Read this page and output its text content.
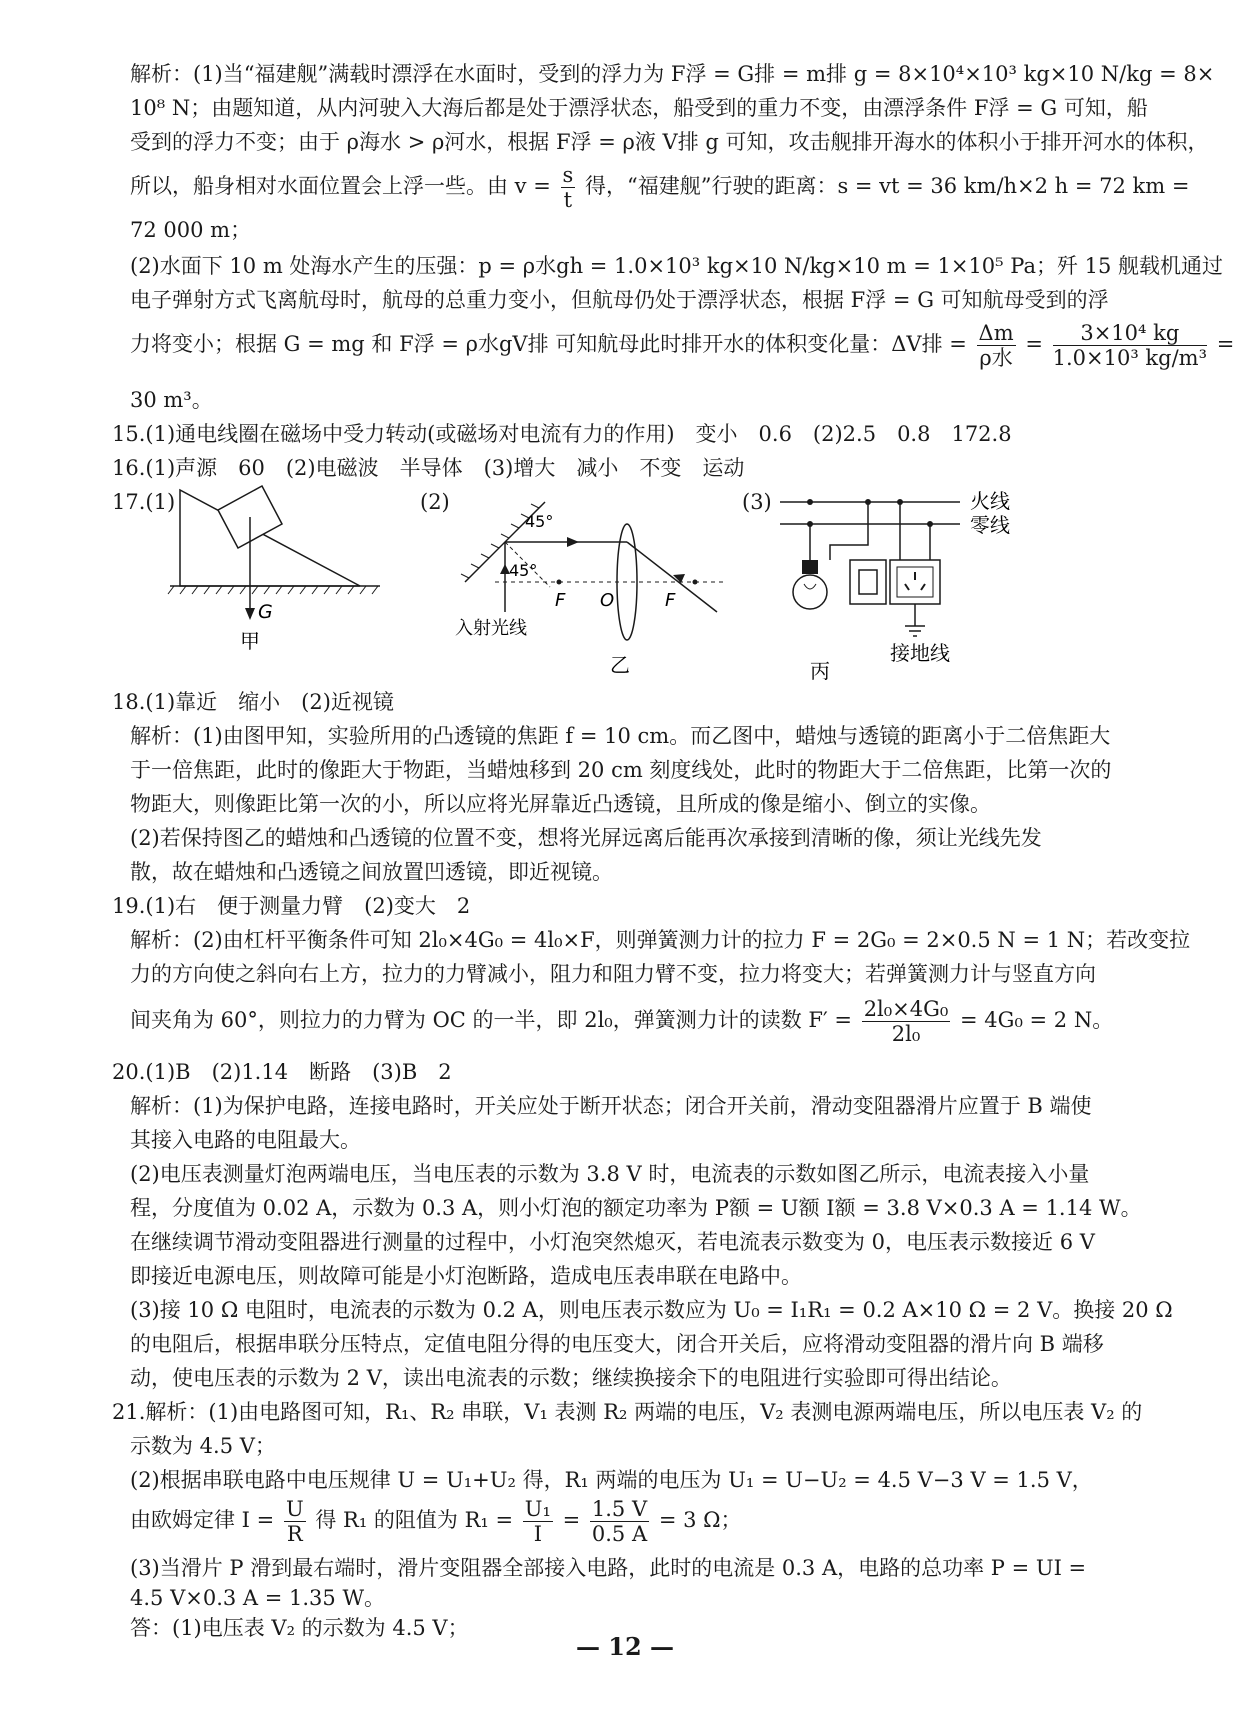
解析：(1)当“福建舰”满载时漂浮在水面时，受到的浮力为 F浮 = G排 = m排 g = 8×10⁴×10³ kg×10 N/kg = 8×
10⁸ N；由题知道，从内河驶入大海后都是处于漂浮状态，船受到的重力不变，由漂浮条件 F浮 = G 可知，船
受到的浮力不变；由于 ρ海水 > ρ河水，根据 F浮 = ρ液 V排 g 可知，攻击舰排开海水的体积小于排开河水的体积，
所以，船身相对水面位置会上浮一些。由 $v = \frac{s}{t}$ 得，“福建舰”行驶的距离：s = vt = 36 km/h×2 h = 72 km =
72 000 m；
(2)水面下 10 m 处海水产生的压强：p = ρ水gh = 1.0×10³ kg×10 N/kg×10 m = 1×10⁵ Pa；歼 15 舰载机通过
电子弹射方式飞离航母时，航母的总重力变小，但航母仍处于漂浮状态，根据 F浮 = G 可知航母受到的浮
力将变小；根据 G = mg 和 F浮 = ρ水gV排 可知航母此时排开水的体积变化量：ΔV排 = $\frac{\Delta m}{\text{ρ水}} = \frac{\text{3×10⁴ kg}}{\text{1.0×10³ kg/m³}}$ =
30 m³。
15.(1)通电线圈在磁场中受力转动(或磁场对电流有力的作用)　变小　0.6　(2)2.5　0.8　172.8
16.(1)声源　60　(2)电磁波　半导体　(3)增大　减小　不变　运动
17.(1)
G
甲
(2)
45°
45°
F O	F
入射光线
乙
(3)	火线
零线
接地线
丙
18.(1)靠近　缩小　(2)近视镜
解析：(1)由图甲知，实验所用的凸透镜的焦距 f = 10 cm。而乙图中，蜡烛与透镜的距离小于二倍焦距大
于一倍焦距，此时的像距大于物距，当蜡烛移到 20 cm 刻度线处，此时的物距大于二倍焦距，比第一次的
物距大，则像距比第一次的小，所以应将光屏靠近凸透镜，且所成的像是缩小、倒立的实像。
(2)若保持图乙的蜡烛和凸透镜的位置不变，想将光屏远离后能再次承接到清晰的像，须让光线先发
散，故在蜡烛和凸透镜之间放置凹透镜，即近视镜。
19.(1)右　便于测量力臂　(2)变大　2
解析：(2)由杠杆平衡条件可知 2l₀×4G₀ = 4l₀×F，则弹簧测力计的拉力 F = 2G₀ = 2×0.5 N = 1 N；若改变拉
力的方向使之斜向右上方，拉力的力臂减小，阻力和阻力臂不变，拉力将变大；若弹簧测力计与竖直方向
间夹角为 60°，则拉力的力臂为 OC 的一半，即 2l₀，弹簧测力计的读数 $F' = \frac{\text{2l₀×4G₀}}{\text{2l₀}} = 4G_0 = 2$ N。
20.(1)B　(2)1.14　断路　(3)B　2
解析：(1)为保护电路，连接电路时，开关应处于断开状态；闭合开关前，滑动变阻器滑片应置于 B 端使
其接入电路的电阻最大。
(2)电压表测量灯泡两端电压，当电压表的示数为 3.8 V 时，电流表的示数如图乙所示，电流表接入小量
程，分度值为 0.02 A，示数为 0.3 A，则小灯泡的额定功率为 P额 = U额 I额 = 3.8 V×0.3 A = 1.14 W。
在继续调节滑动变阻器进行测量的过程中，小灯泡突然熄灭，若电流表示数变为 0，电压表示数接近 6 V
即接近电源电压，则故障可能是小灯泡断路，造成电压表串联在电路中。
(3)接 10 Ω 电阻时，电流表的示数为 0.2 A，则电压表示数应为 U₀ = I₁R₁ = 0.2 A×10 Ω = 2 V。换接 20 Ω
的电阻后，根据串联分压特点，定值电阻分得的电压变大，闭合开关后，应将滑动变阻器的滑片向 B 端移
动，使电压表的示数为 2 V，读出电流表的示数；继续换接余下的电阻进行实验即可得出结论。
21.解析：(1)由电路图可知，R₁、R₂ 串联，V₁ 表测 R₂ 两端的电压，V₂ 表测电源两端电压，所以电压表 V₂ 的
示数为 4.5 V；
(2)根据串联电路中电压规律 U = U₁+U₂ 得，R₁ 两端的电压为 U₁ = U−U₂ = 4.5 V−3 V = 1.5 V，
由欧姆定律 $I = \frac{U}{R}$ 得 R₁ 的阻值为 $R_1 = \frac{\text{U₁}}{I} = \frac{1.5 V}{0.5 A} = 3$ Ω；
(3)当滑片 P 滑到最右端时，滑片变阻器全部接入电路，此时的电流是 0.3 A，电路的总功率 P = UI =
4.5 V×0.3 A = 1.35 W。
答：(1)电压表 V₂ 的示数为 4.5 V；
— 12 —
